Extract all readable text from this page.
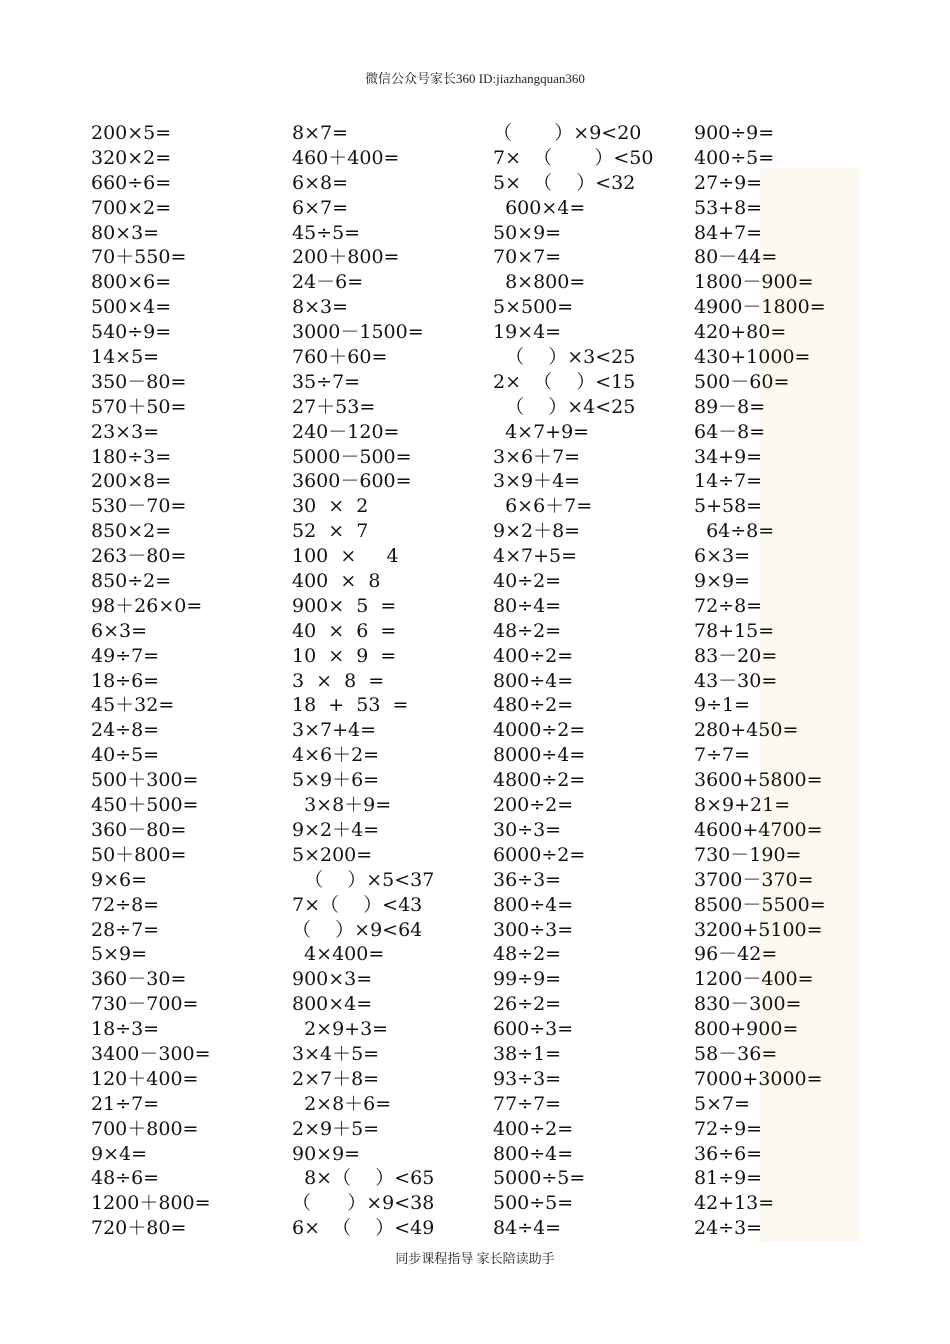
微信公众号家长360 ID:jiazhangquan360
200×5=
320×2=
660÷6=
700×2=
80×3=
70＋550=
800×6=
500×4=
540÷9=
14×5=
350－80=
570＋50=
23×3=
180÷3=
200×8=
530－70=
850×2=
263－80=
850÷2=
98＋26×0=
6×3=
49÷7=
18÷6=
45＋32=
24÷8=
40÷5=
500＋300=
450＋500=
360－80=
50＋800=
9×6=
72÷8=
28÷7=
5×9=
360－30=
730－700=
18÷3=
3400－300=
120＋400=
21÷7=
700＋800=
9×4=
48÷6=
1200＋800=
720＋80=
8×7=
460＋400=
6×8=
6×7=
45÷5=
200＋800=
24－6=
8×3=
3000－1500=
760＋60=
35÷7=
27＋53=
240－120=
5000－500=
3600－600=
30  ×  2
52  ×  7
100  ×     4
400  ×  8
900×  5  =
40  ×  6  =
10  ×  9  =
3  ×  8  =
18  +  53  =
3×7+4=
4×6＋2=
5×9＋6=
3×8＋9=
9×2＋4=
5×200=
（    ）×5<37
7×（    ）<43
（    ）×9<64
4×400=
900×3=
800×4=
2×9+3=
3×4＋5=
2×7＋8=
2×8＋6=
2×9＋5=
90×9=
8×（    ）<65
（      ）×9<38
6×  （    ）<49
（       ）×9<20
7×  （       ）<50
5×  （    ）<32
600×4=
50×9=
70×7=
8×800=
5×500=
19×4=
（    ）×3<25
2×  （    ）<15
（    ）×4<25
4×7+9=
3×6＋7=
3×9＋4=
6×6＋7=
9×2＋8=
4×7+5=
40÷2=
80÷4=
48÷2=
400÷2=
800÷4=
480÷2=
4000÷2=
8000÷4=
4800÷2=
200÷2=
30÷3=
6000÷2=
36÷3=
800÷4=
300÷3=
48÷2=
99÷9=
26÷2=
600÷3=
38÷1=
93÷3=
77÷7=
400÷2=
800÷4=
5000÷5=
500÷5=
84÷4=
900÷9=
400÷5=
27÷9=
53+8=
84+7=
80－44=
1800－900=
4900－1800=
420+80=
430+1000=
500－60=
89－8=
64－8=
34+9=
14÷7=
5+58=
64÷8=
6×3=
9×9=
72÷8=
78+15=
83－20=
43－30=
9÷1=
280+450=
7÷7=
3600+5800=
8×9+21=
4600+4700=
730－190=
3700－370=
8500－5500=
3200+5100=
96－42=
1200－400=
830－300=
800+900=
58－36=
7000+3000=
5×7=
72÷9=
36÷6=
81÷9=
42+13=
24÷3=
同步课程指导 家长陪读助手
